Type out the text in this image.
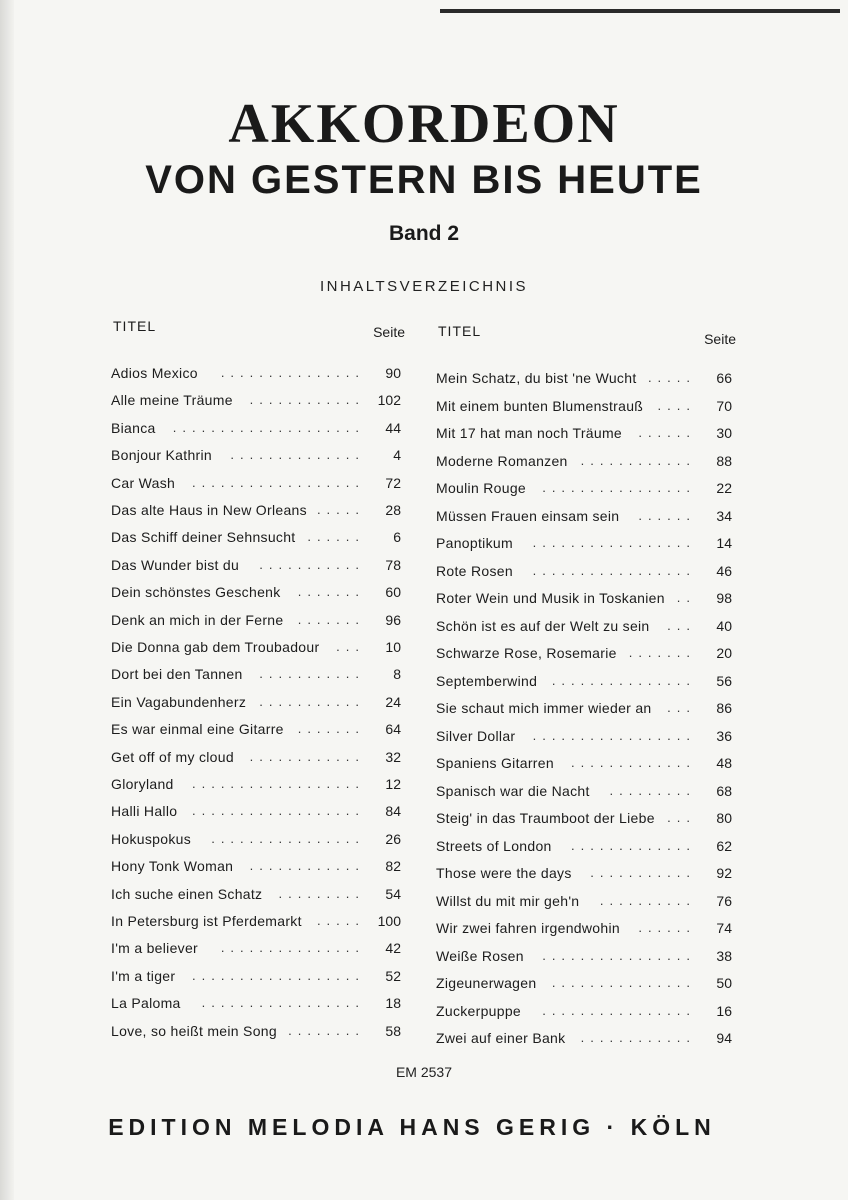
AKKORDEON
VON GESTERN BIS HEUTE
Band 2
INHALTSVERZEICHNIS
TITEL	Seite
Adios Mexico ............... 90
Alle meine Träume ............ 102
Bianca .................... 44
Bonjour Kathrin .............. 4
Car Wash .................. 72
Das alte Haus in New Orleans ..... 28
Das Schiff deiner Sehnsucht ...... 6
Das Wunder bist du ........... 78
Dein schönstes Geschenk ....... 60
Denk an mich in der Ferne ....... 96
Die Donna gab dem Troubadour ... 10
Dort bei den Tannen ........... 8
Ein Vagabundenherz ........... 24
Es war einmal eine Gitarre ....... 64
Get off of my cloud ............ 32
Gloryland .................. 12
Halli Hallo .................. 84
Hokuspokus ................ 26
Hony Tonk Woman ............ 82
Ich suche einen Schatz ......... 54
In Petersburg ist Pferdemarkt ..... 100
I'm a believer ............... 42
I'm a tiger .................. 52
La Paloma ................. 18
Love, so heißt mein Song ........ 58
TITEL	Seite
Mein Schatz, du bist 'ne Wucht ..... 66
Mit einem bunten Blumenstrauß .... 70
Mit 17 hat man noch Träume ...... 30
Moderne Romanzen ............ 88
Moulin Rouge ................ 22
Müssen Frauen einsam sein ...... 34
Panoptikum ................. 14
Rote Rosen ................. 46
Roter Wein und Musik in Toskanien .. 98
Schön ist es auf der Welt zu sein ... 40
Schwarze Rose, Rosemarie ....... 20
Septemberwind ............... 56
Sie schaut mich immer wieder an ... 86
Silver Dollar ................. 36
Spaniens Gitarren ............. 48
Spanisch war die Nacht ......... 68
Steig' in das Traumboot der Liebe ... 80
Streets of London ............. 62
Those were the days ........... 92
Willst du mit mir geh'n .......... 76
Wir zwei fahren irgendwohin ...... 74
Weiße Rosen ................ 38
Zigeunerwagen ............... 50
Zuckerpuppe ................ 16
Zwei auf einer Bank ............ 94
EM 2537
EDITION MELODIA HANS GERIG · KÖLN
